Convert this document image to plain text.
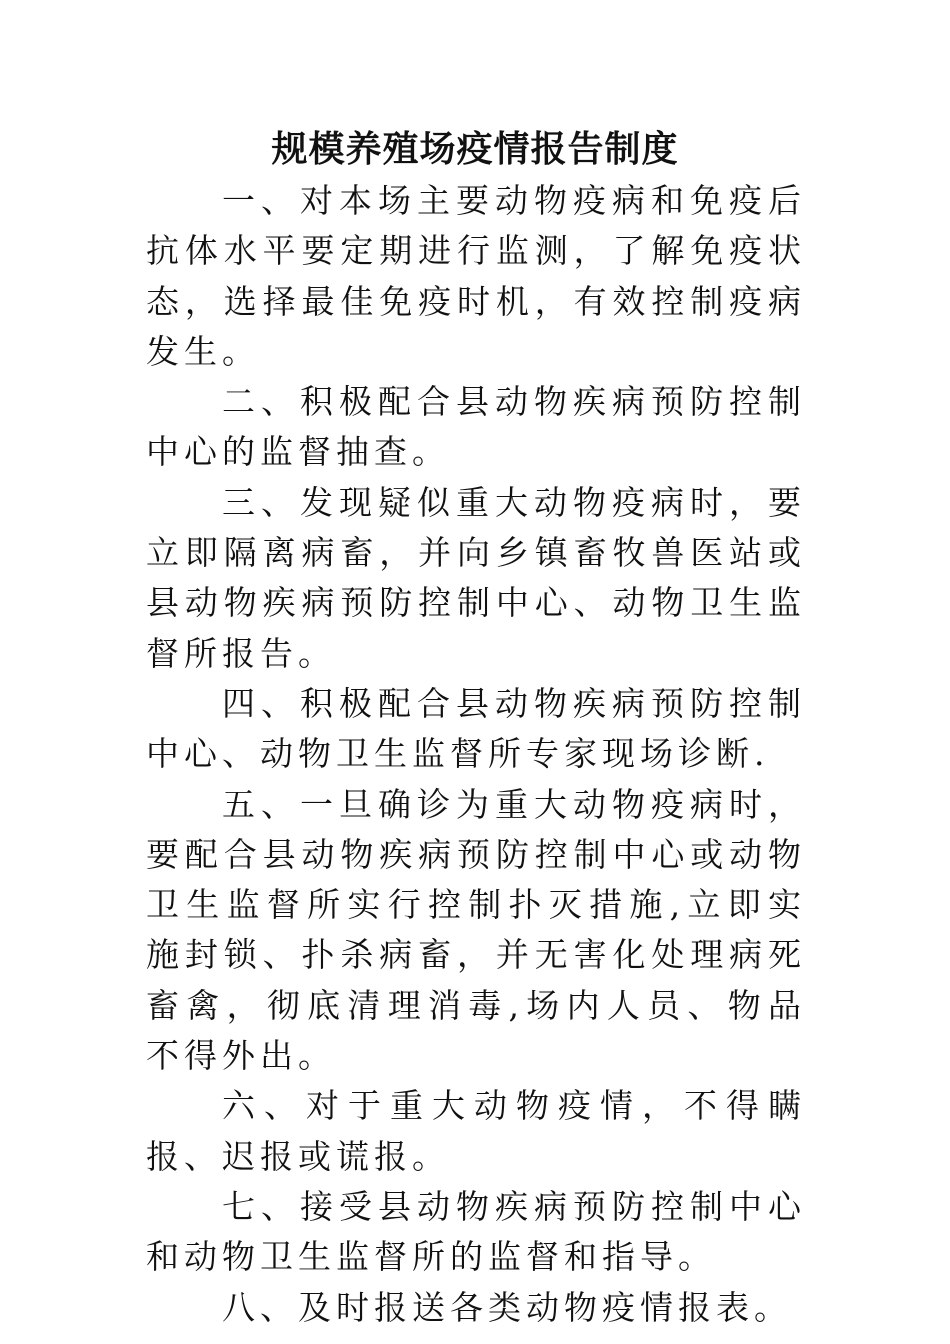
规模养殖场疫情报告制度

一、对本场主要动物疫病和免疫后抗体水平要定期进行监测，了解免疫状态，选择最佳免疫时机，有效控制疫病发生。

二、积极配合县动物疾病预防控制中心的监督抽查。

三、发现疑似重大动物疫病时，要立即隔离病畜，并向乡镇畜牧兽医站或县动物疾病预防控制中心、动物卫生监督所报告。

四、积极配合县动物疾病预防控制中心、动物卫生监督所专家现场诊断.

五、一旦确诊为重大动物疫病时，要配合县动物疾病预防控制中心或动物卫生监督所实行控制扑灭措施,立即实施封锁、扑杀病畜，并无害化处理病死畜禽，彻底清理消毒,场内人员、物品不得外出。

六、对于重大动物疫情，不得瞒报、迟报或谎报。

七、接受县动物疾病预防控制中心和动物卫生监督所的监督和指导。

八、及时报送各类动物疫情报表。
